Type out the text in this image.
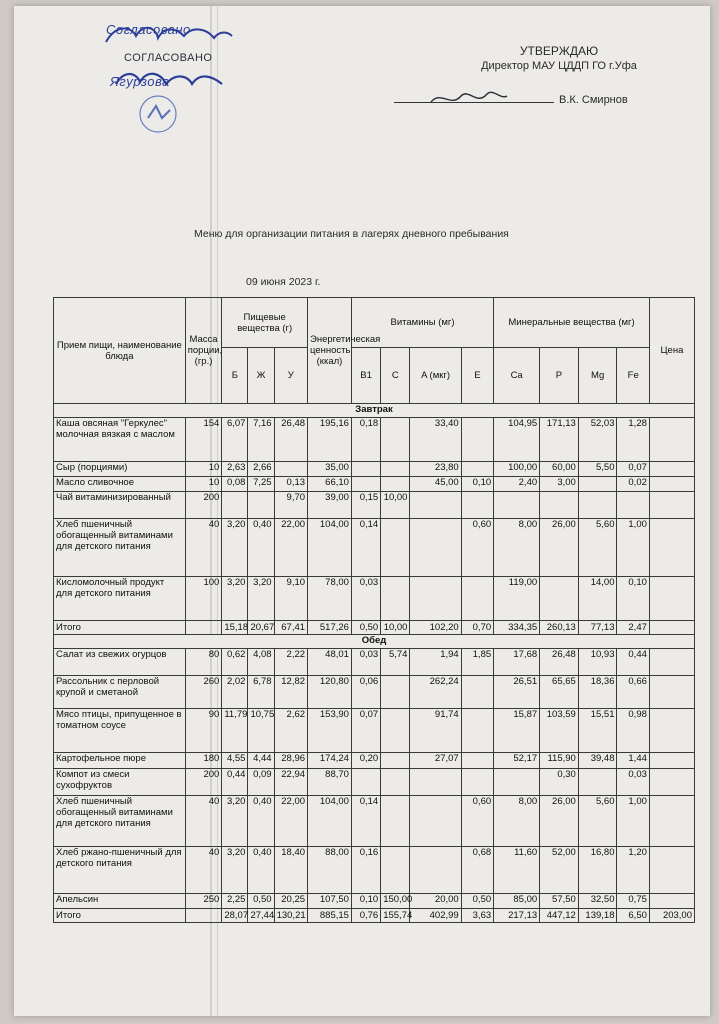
Согласовано
СОГЛАСОВАНО
Ягурзова
УТВЕРЖДАЮ
Директор МАУ ЦДДП ГО г.Уфа
В.К. Смирнов
Меню для организации питания в лагерях дневного пребывания
09 июня 2023 г.
Прием пищи, наименование блюда	Масса порции, (гр.)	Пищевые вещества (г)			Энергетическая ценность (ккал)	Витамины (мг)				Минеральные вещества (мг)				Цена
		Б	Ж	У		B1	C	A (мкг)	E	Ca	P	Mg	Fe	
Завтрак														
Каша овсяная "Геркулес" молочная вязкая с маслом	154	6,07	7,16	26,48	195,16	0,18		33,40		104,95	171,13	52,03	1,28	
Сыр (порциями)	10	2,63	2,66		35,00			23,80		100,00	60,00	5,50	0,07	
Масло сливочное	10	0,08	7,25	0,13	66,10			45,00	0,10	2,40	3,00		0,02	
Чай витаминизированный	200			9,70	39,00	0,15	10,00							
Хлеб пшеничный обогащенный витаминами для детского питания	40	3,20	0,40	22,00	104,00	0,14			0,60	8,00	26,00	5,60	1,00	
Кисломолочный продукт для детского питания	100	3,20	3,20	9,10	78,00	0,03				119,00		14,00	0,10	
Итого		15,18	20,67	67,41	517,26	0,50	10,00	102,20	0,70	334,35	260,13	77,13	2,47	
Обед														
Салат из свежих огурцов	80	0,62	4,08	2,22	48,01	0,03	5,74	1,94	1,85	17,68	26,48	10,93	0,44	
Рассольник с перловой крупой и сметаной	260	2,02	6,78	12,82	120,80	0,06		262,24		26,51	65,65	18,36	0,66	
Мясо птицы, припущенное в томатном соусе	90	11,79	10,75	2,62	153,90	0,07		91,74		15,87	103,59	15,51	0,98	
Картофельное пюре	180	4,55	4,44	28,96	174,24	0,20		27,07		52,17	115,90	39,48	1,44	
Компот из смеси сухофруктов	200	0,44	0,09	22,94	88,70						0,30		0,03	
Хлеб пшеничный обогащенный витаминами для детского питания	40	3,20	0,40	22,00	104,00	0,14			0,60	8,00	26,00	5,60	1,00	
Хлеб ржано-пшеничный для детского питания	40	3,20	0,40	18,40	88,00	0,16			0,68	11,60	52,00	16,80	1,20	
Апельсин	250	2,25	0,50	20,25	107,50	0,10	150,00	20,00	0,50	85,00	57,50	32,50	0,75	
Итого		28,07	27,44	130,21	885,15	0,76	155,74	402,99	3,63	217,13	447,12	139,18	6,50	203,00
